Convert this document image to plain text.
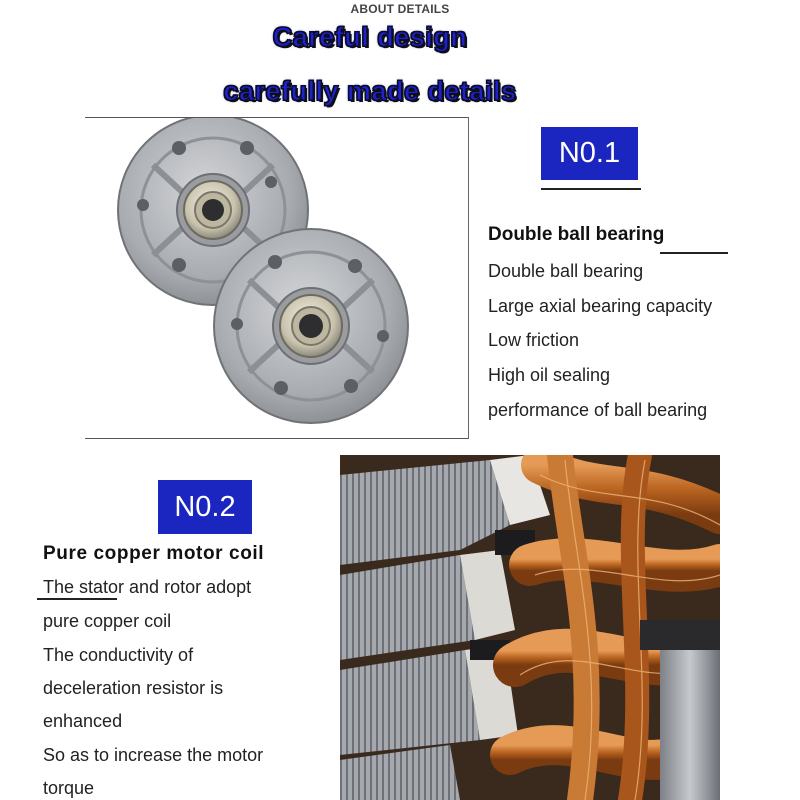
ABOUT DETAILS
Careful design
carefully made details
N0.1
Double ball bearing
Double ball bearing
Large axial bearing capacity
Low friction
High oil sealing
performance of ball bearing
N0.2
Pure copper motor coil
The stator and rotor adopt
pure copper coil
The conductivity of
deceleration resistor is
enhanced
So as to increase the motor
torque
